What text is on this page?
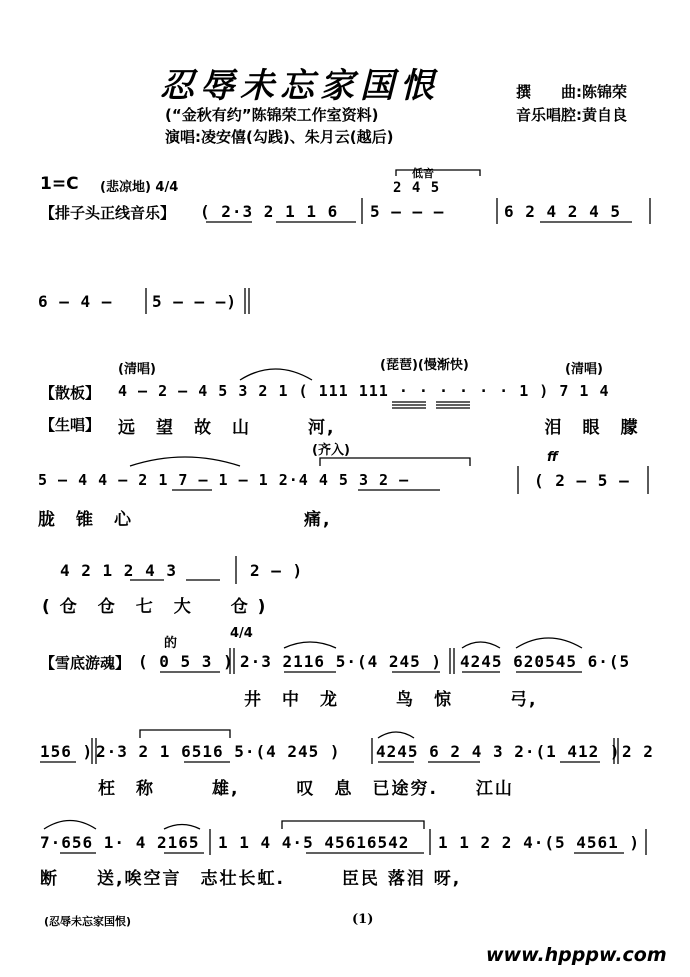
忍辱未忘家国恨
(“金秋有约”陈锦荣工作室资料)
演唱:凌安僖(勾践)、朱月云(越后)
撰　　曲:陈锦荣
音乐唱腔:黄自良
1=C (悲凉地) 4/4
低音
2 4 5
【排子头正线音乐】 ( 2·3 2 1 1 6 5 – – –	6 2 4 2 4 5
6 – 4 – 5 – – –)
(清唱)	(琵琶)(慢渐快)	(清唱)
【散板】 4 – 2 – 4 5 3 2 1 ( 111 111 · · · · · · 1 ) 7 1 4
【生唱】 远　望　故　山　　　河,　　　　　　　　　　　泪　眼　朦
(齐入)	ff
5 – 4 4 – 2 1 7 – 1 – 1 2·4 4 5 3 2 –	( 2 – 5 –
胧　锥　心　　　　　　　　　痛,
4 2 1 2 4 3	2 – )
( 仓　仓　七　大　　仓 )
的
4/4
【雪底游魂】 ( 0 5 3 ) 2·3 2116 5·(4 245 ) 4245 620545 6·(5
井　中　龙　　　鸟　惊　　　弓,
156 ) 2·3 2 1 6516 5·(4 245 ) 4245 6 2 4 3 2·(1 412 ) 2 2
枉　称　　　雄,　　　叹　息　已途穷.　　江山
7·656 1· 4 2165 1 1 4 4·5 45616542 1 1 2 2 4·(5 4561 )
断　　送,唉空言　志壮长虹.　　　臣民 落泪 呀,
(忍辱未忘家国恨)	(1)
www.hpppw.com
